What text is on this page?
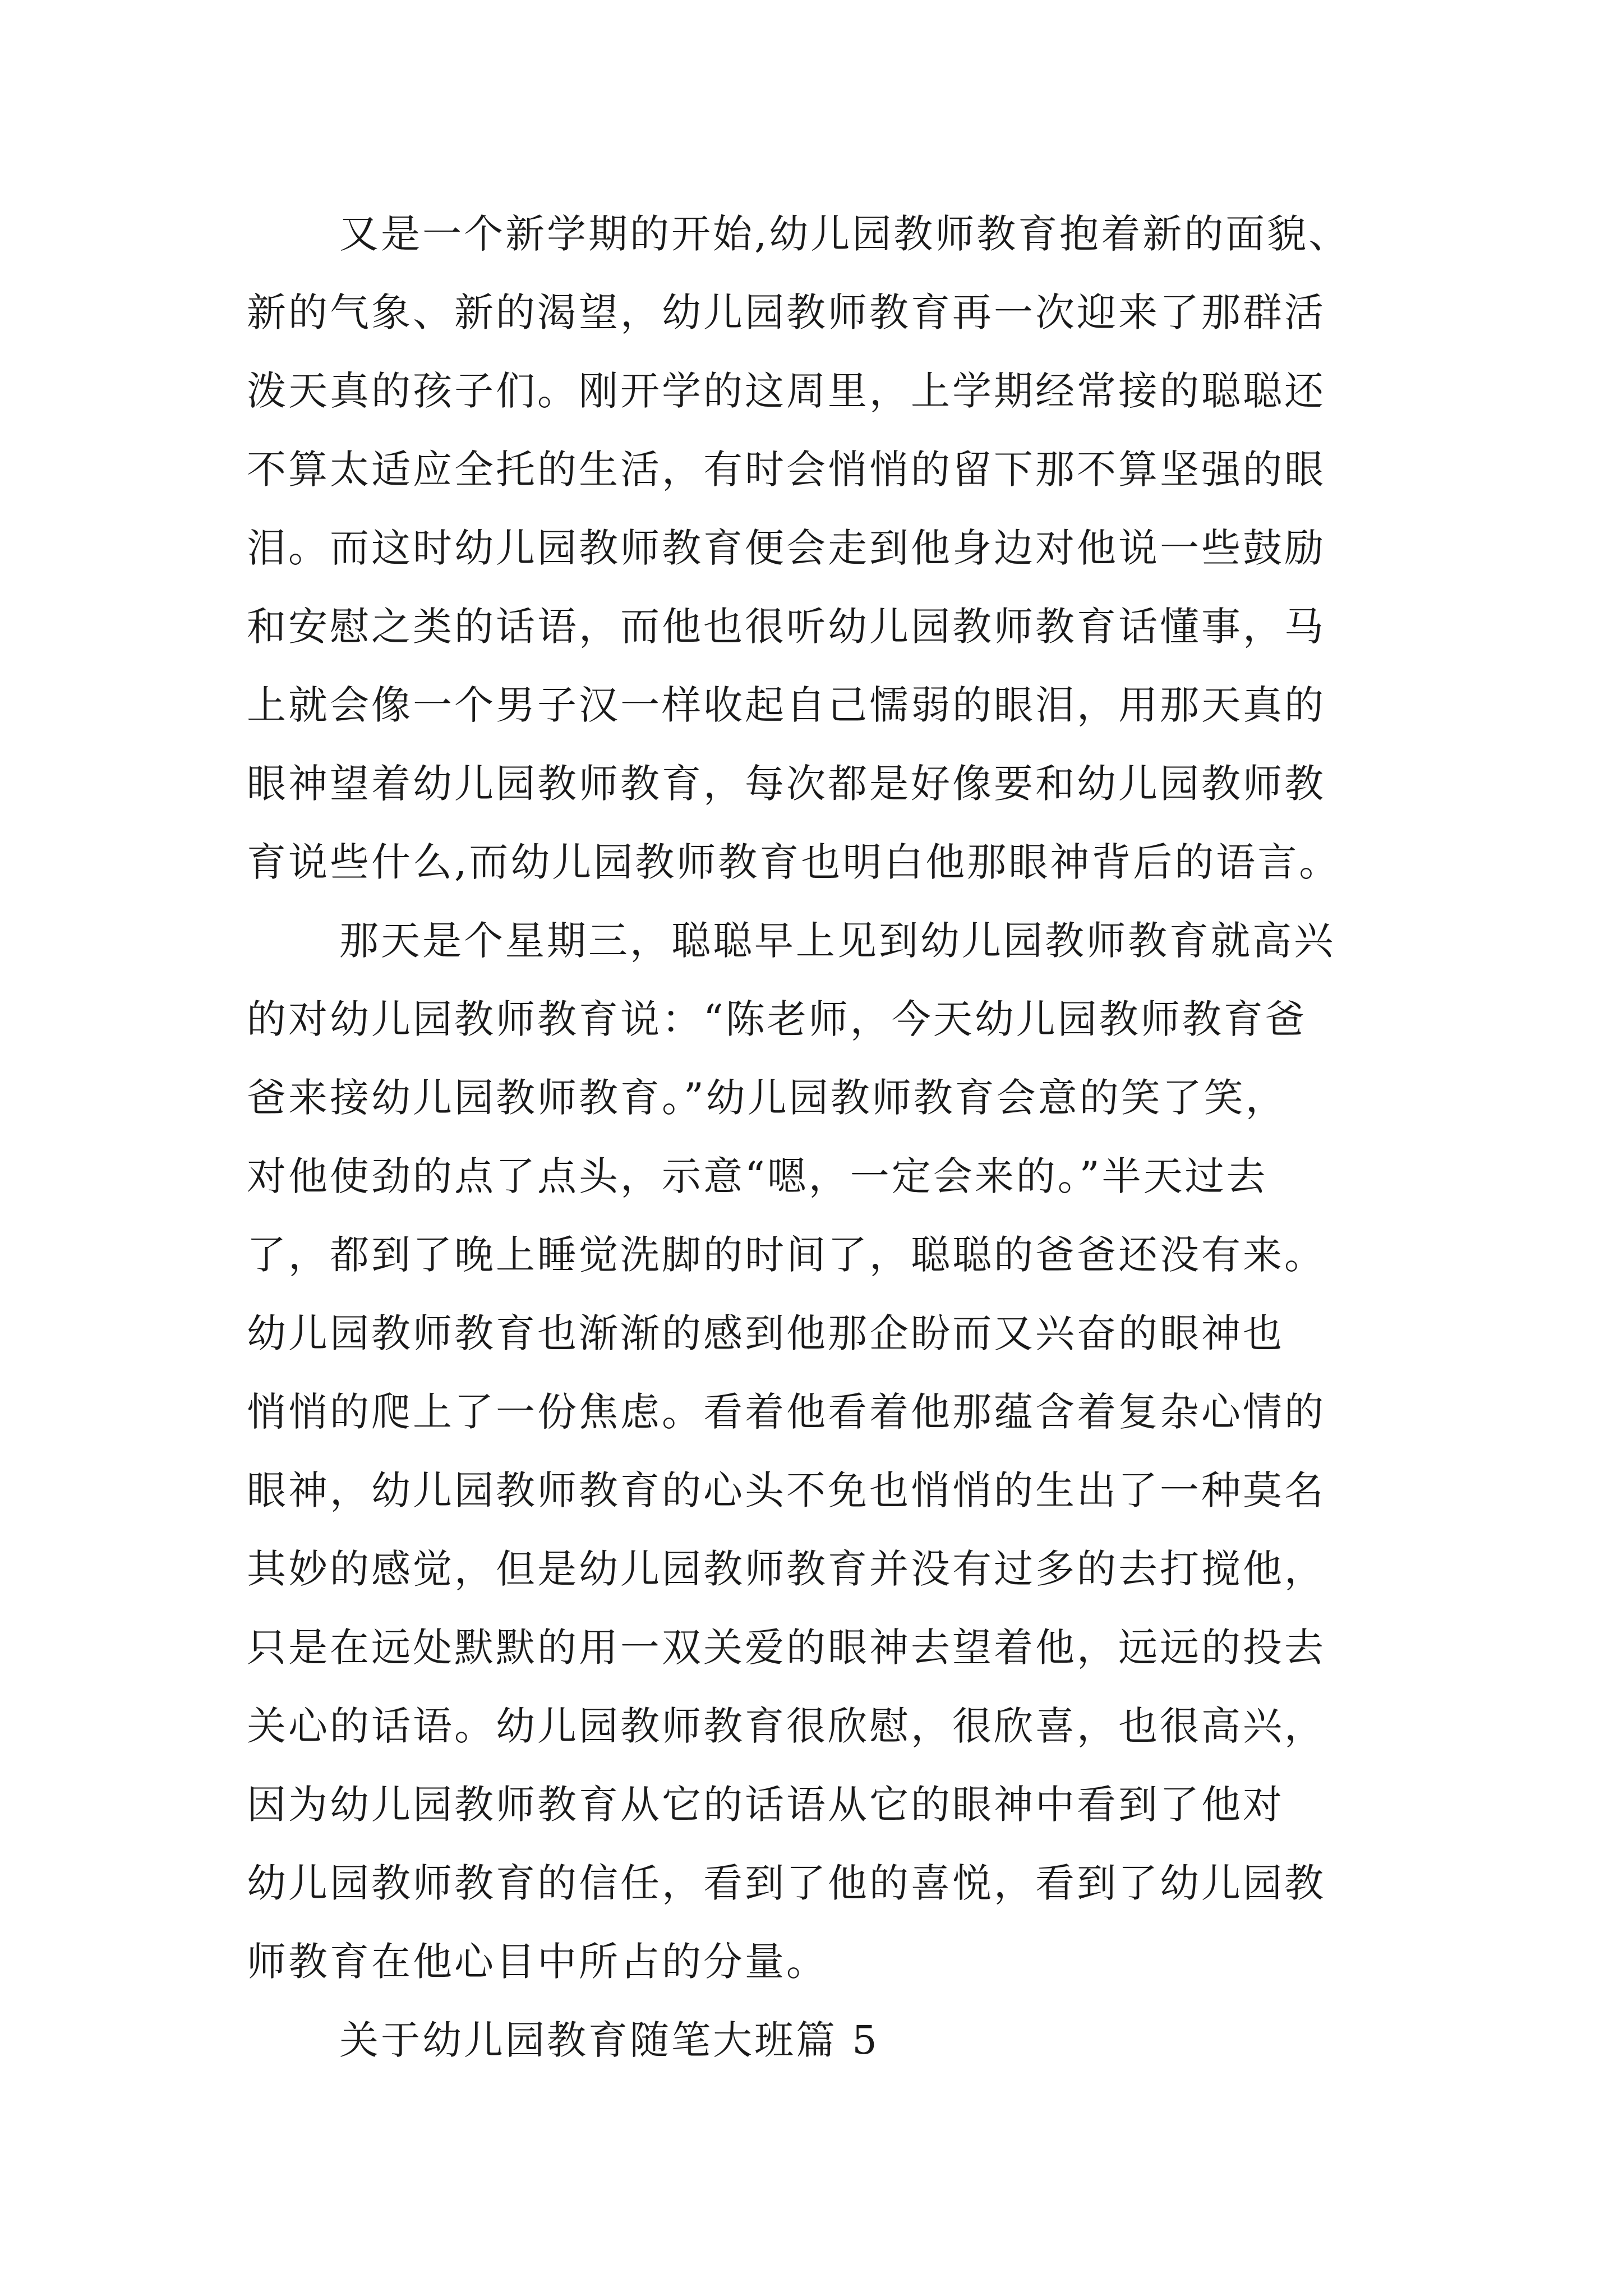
又是一个新学期的开始,幼儿园教师教育抱着新的面貌、

新的气象、新的渴望，幼儿园教师教育再一次迎来了那群活

泼天真的孩子们。刚开学的这周里，上学期经常接的聪聪还

不算太适应全托的生活，有时会悄悄的留下那不算坚强的眼

泪。而这时幼儿园教师教育便会走到他身边对他说一些鼓励

和安慰之类的话语，而他也很听幼儿园教师教育话懂事，马

上就会像一个男子汉一样收起自己懦弱的眼泪，用那天真的

眼神望着幼儿园教师教育，每次都是好像要和幼儿园教师教

育说些什么,而幼儿园教师教育也明白他那眼神背后的语言。

那天是个星期三，聪聪早上见到幼儿园教师教育就高兴

的对幼儿园教师教育说：“陈老师，今天幼儿园教师教育爸

爸来接幼儿园教师教育。”幼儿园教师教育会意的笑了笑，

对他使劲的点了点头，示意“嗯，一定会来的。”半天过去

了，都到了晚上睡觉洗脚的时间了，聪聪的爸爸还没有来。

幼儿园教师教育也渐渐的感到他那企盼而又兴奋的眼神也

悄悄的爬上了一份焦虑。看着他看着他那蕴含着复杂心情的

眼神，幼儿园教师教育的心头不免也悄悄的生出了一种莫名

其妙的感觉，但是幼儿园教师教育并没有过多的去打搅他，

只是在远处默默的用一双关爱的眼神去望着他，远远的投去

关心的话语。幼儿园教师教育很欣慰，很欣喜，也很高兴，

因为幼儿园教师教育从它的话语从它的眼神中看到了他对

幼儿园教师教育的信任，看到了他的喜悦，看到了幼儿园教

师教育在他心目中所占的分量。

关于幼儿园教育随笔大班篇 5
